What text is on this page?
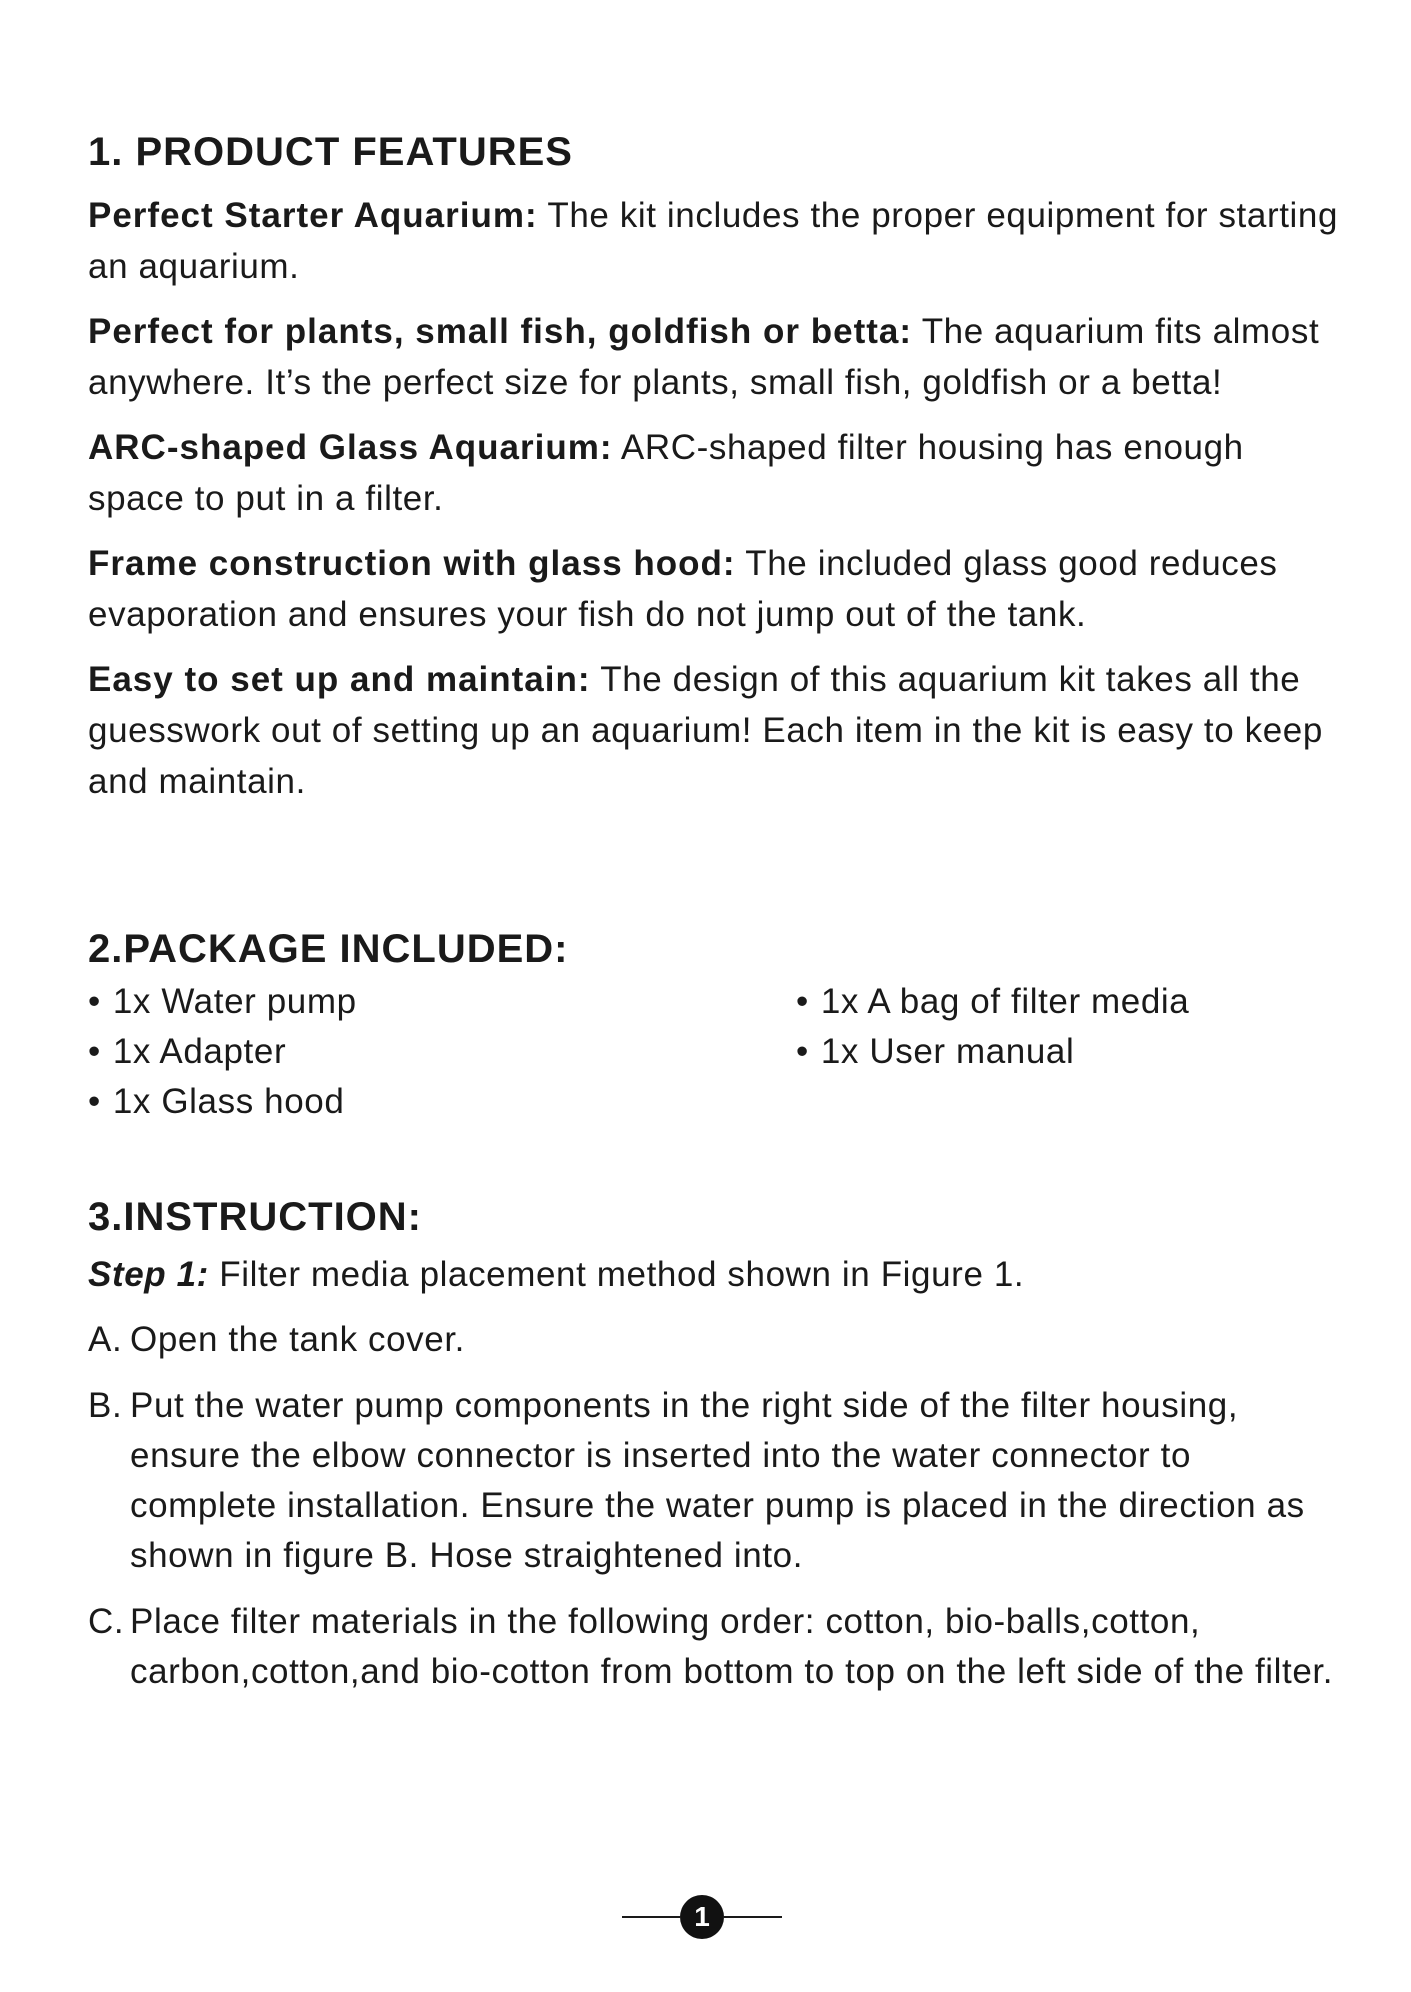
1. PRODUCT FEATURES

Perfect Starter Aquarium: The kit includes the proper equipment for starting an aquarium.

Perfect for plants, small fish, goldfish or betta: The aquarium fits almost anywhere. It’s the perfect size for plants, small fish, goldfish or a betta!

ARC-shaped Glass Aquarium: ARC-shaped filter housing has enough space to put in a filter.

Frame construction with glass hood: The included glass good reduces evaporation and ensures your fish do not jump out of the tank.

Easy to set up and maintain: The design of this aquarium kit takes all the guesswork out of setting up an aquarium! Each item in the kit is easy to keep and maintain.

2.PACKAGE INCLUDED:
• 1x Water pump
• 1x Adapter
• 1x Glass hood
• 1x A bag of filter media
• 1x User manual
3.INSTRUCTION:

Step 1: Filter media placement method shown in Figure 1.

A. Open the tank cover.
B. Put the water pump components in the right side of the filter housing, ensure the elbow connector is inserted into the water connector to complete installation. Ensure the water pump is placed in the direction as shown in figure B. Hose straightened into.
C. Place filter materials in the following order: cotton, bio-balls,cotton, carbon,cotton,and bio-cotton from bottom to top on the left side of the filter.
1
